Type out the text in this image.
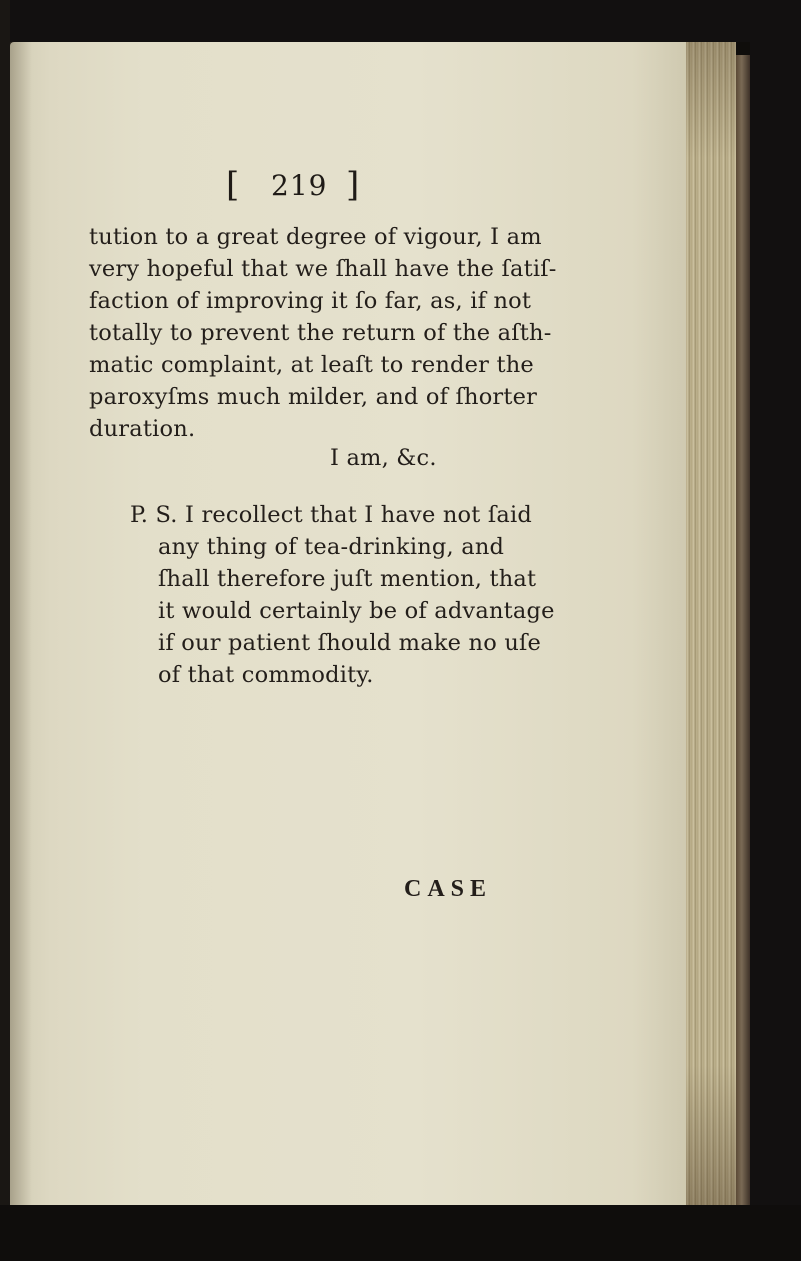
[ 219 ]
tution to a great degree of vigour, I am
very hopeful that we ſhall have the ſatiſ-
faction of improving it ſo far, as, if not
totally to prevent the return of the aſth-
matic complaint, at leaſt to render the
paroxyſms much milder, and of ſhorter
duration.
I am, &c.
P. S. I recollect that I have not ſaid
any thing of tea-drinking, and
ſhall therefore juſt mention, that
it would certainly be of advantage
if our patient ſhould make no uſe
of that commodity.
CASE
